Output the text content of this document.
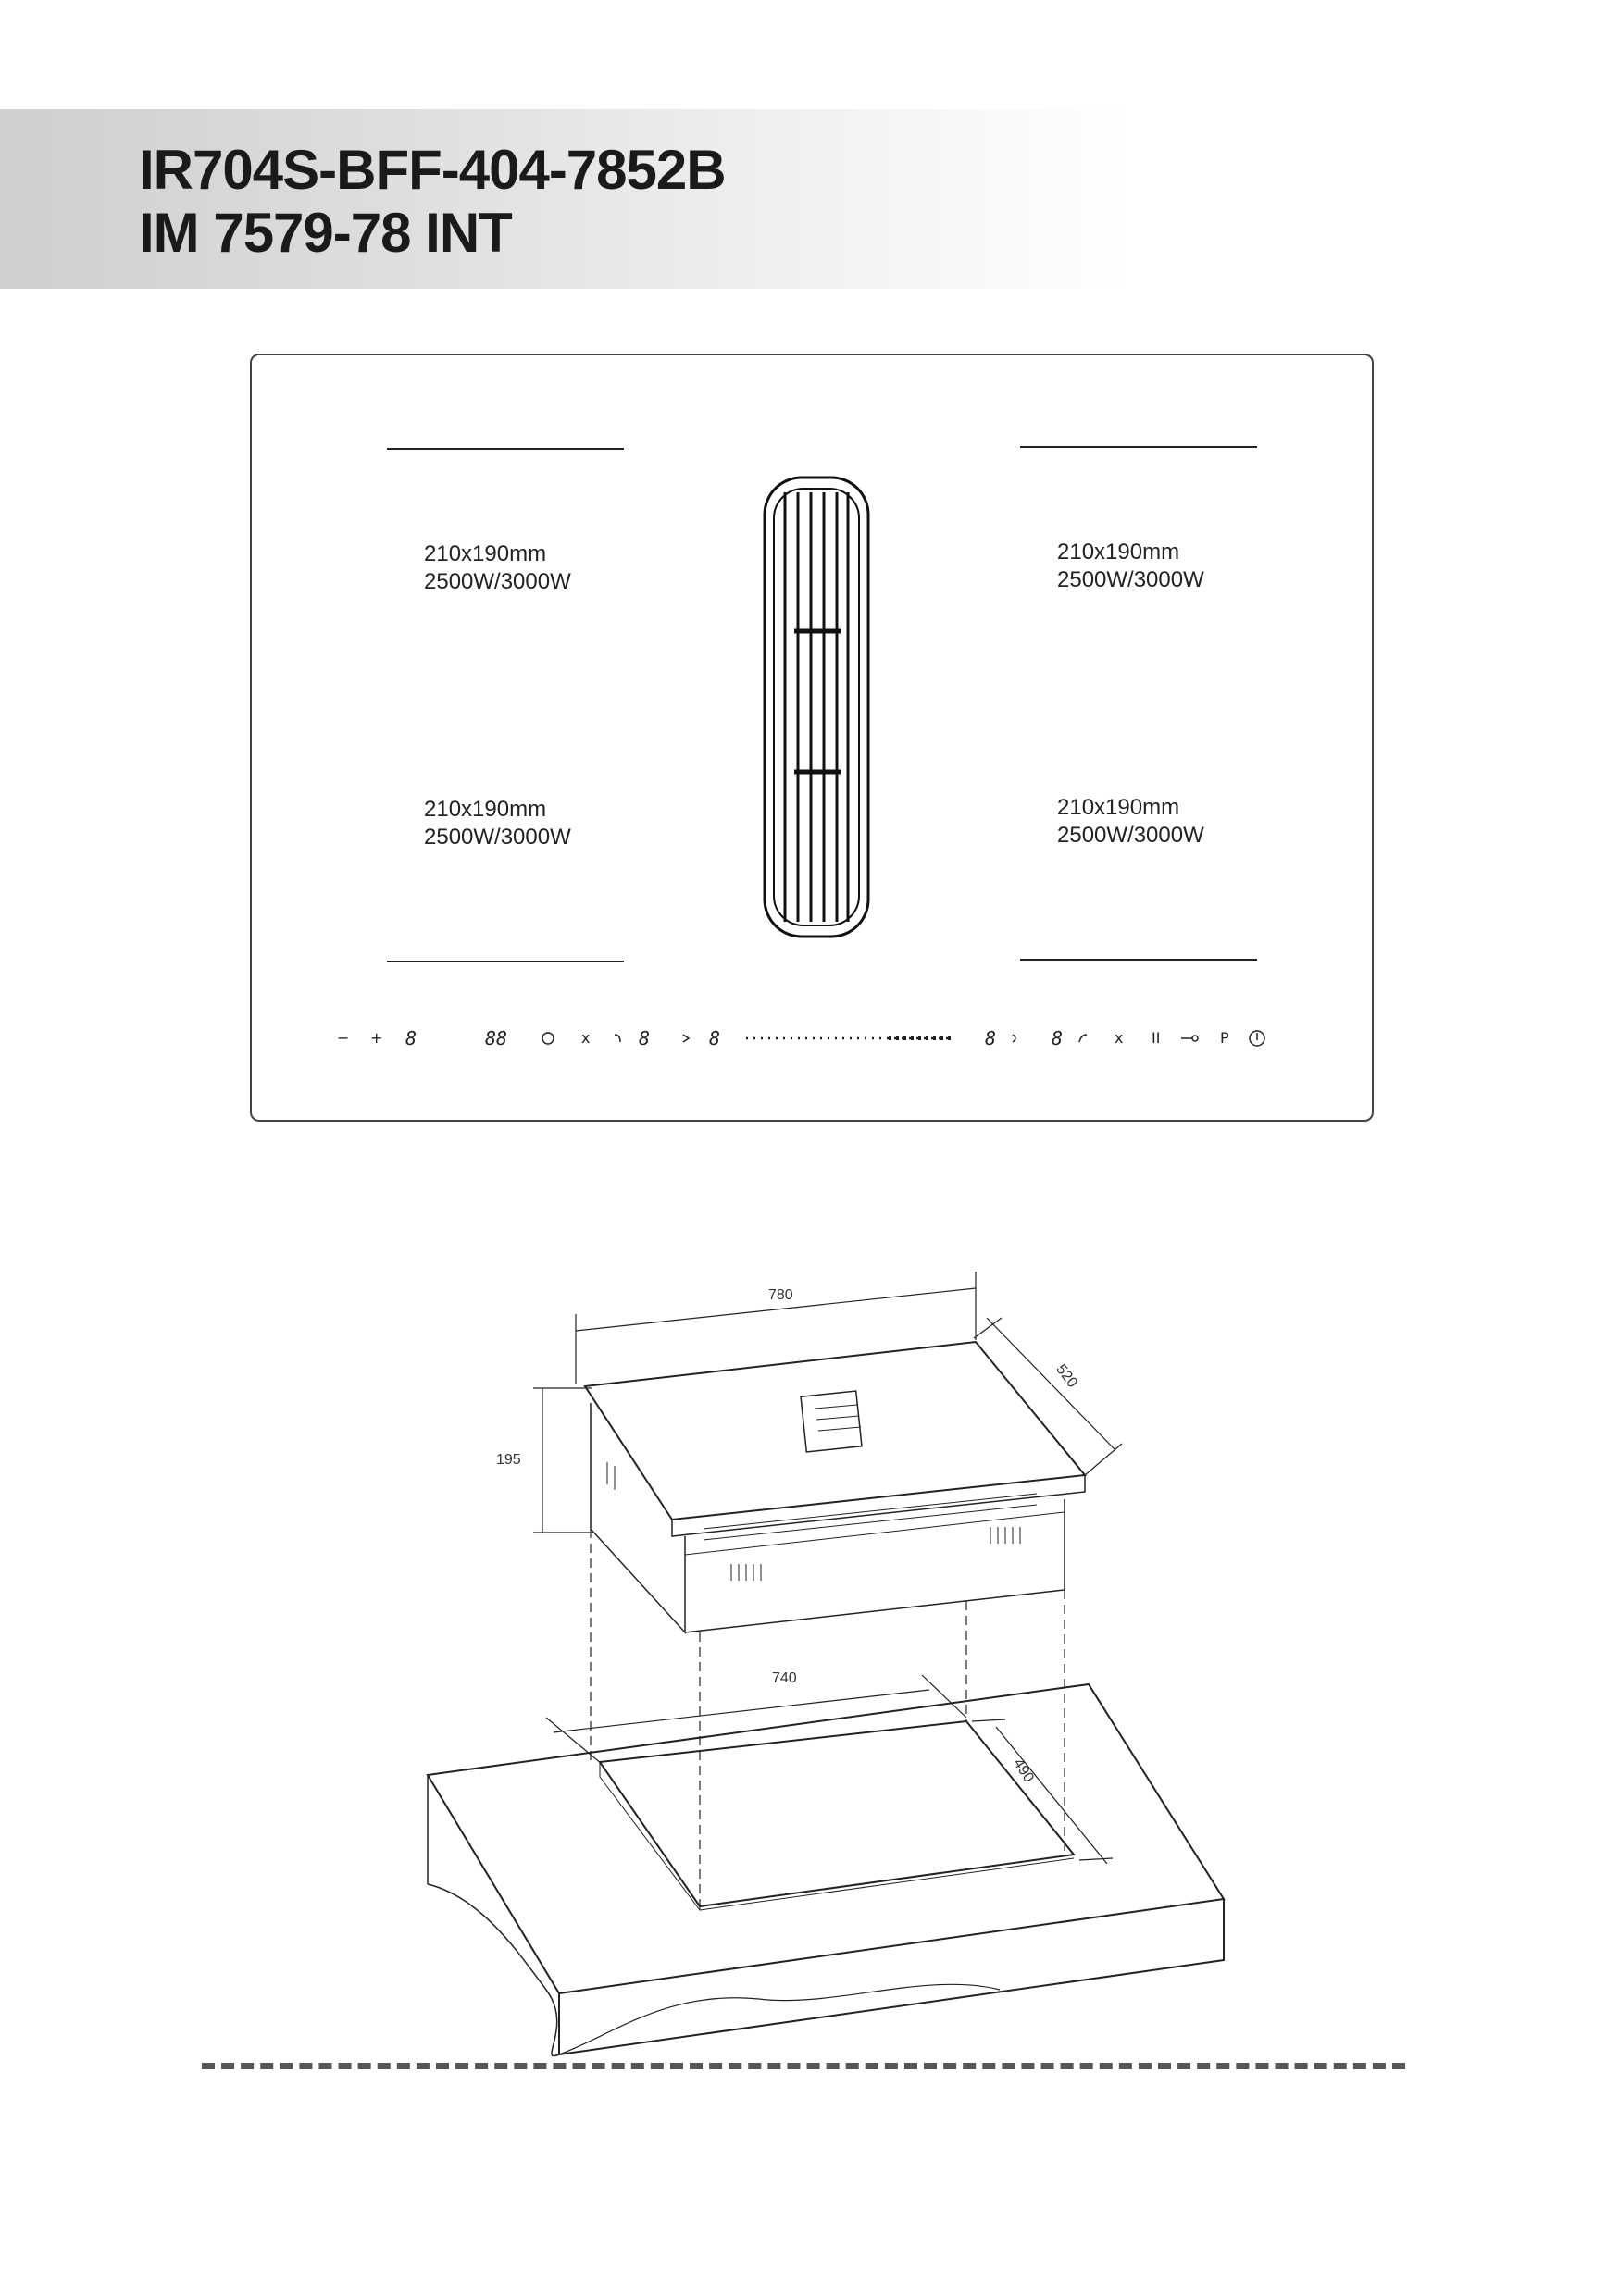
IR704S-BFF-404-7852B
IM 7579-78 INT
210x190mm
2500W/3000W
210x190mm
2500W/3000W
210x190mm
2500W/3000W
210x190mm
2500W/3000W
− + 8	88	x	8	8	8	8	x II	P
780
520
195
740
490
